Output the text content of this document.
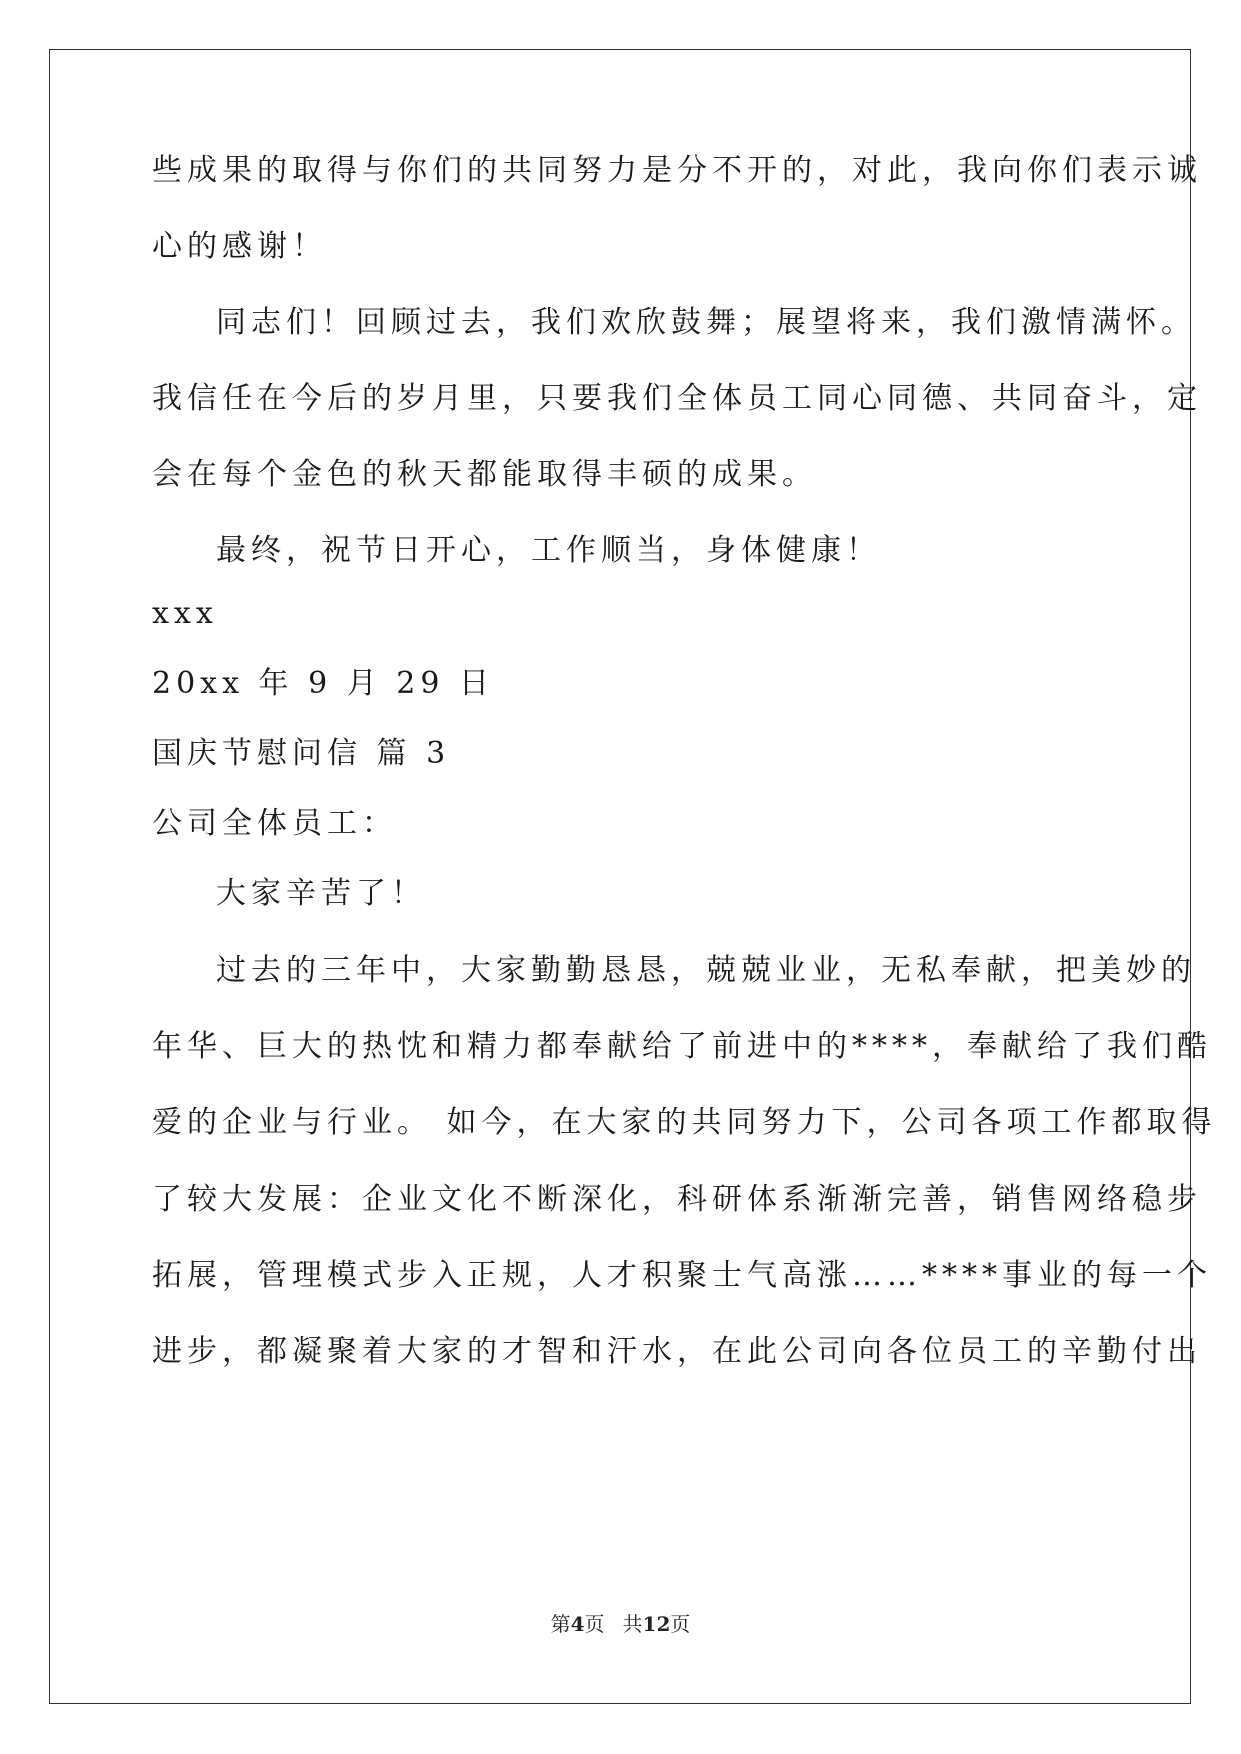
些成果的取得与你们的共同努力是分不开的，对此，我向你们表示诚
心的感谢！
同志们！回顾过去，我们欢欣鼓舞；展望将来，我们激情满怀。
我信任在今后的岁月里，只要我们全体员工同心同德、共同奋斗，定
会在每个金色的秋天都能取得丰硕的成果。
最终，祝节日开心，工作顺当，身体健康！
xxx
20xx 年 9 月 29 日
国庆节慰问信 篇 3
公司全体员工：
大家辛苦了！
过去的三年中，大家勤勤恳恳，兢兢业业，无私奉献，把美妙的
年华、巨大的热忱和精力都奉献给了前进中的****，奉献给了我们酷
爱的企业与行业。 如今，在大家的共同努力下，公司各项工作都取得
了较大发展：企业文化不断深化，科研体系渐渐完善，销售网络稳步
拓展，管理模式步入正规，人才积聚士气高涨……****事业的每一个
进步，都凝聚着大家的才智和汗水，在此公司向各位员工的辛勤付出
第4页 共12页
